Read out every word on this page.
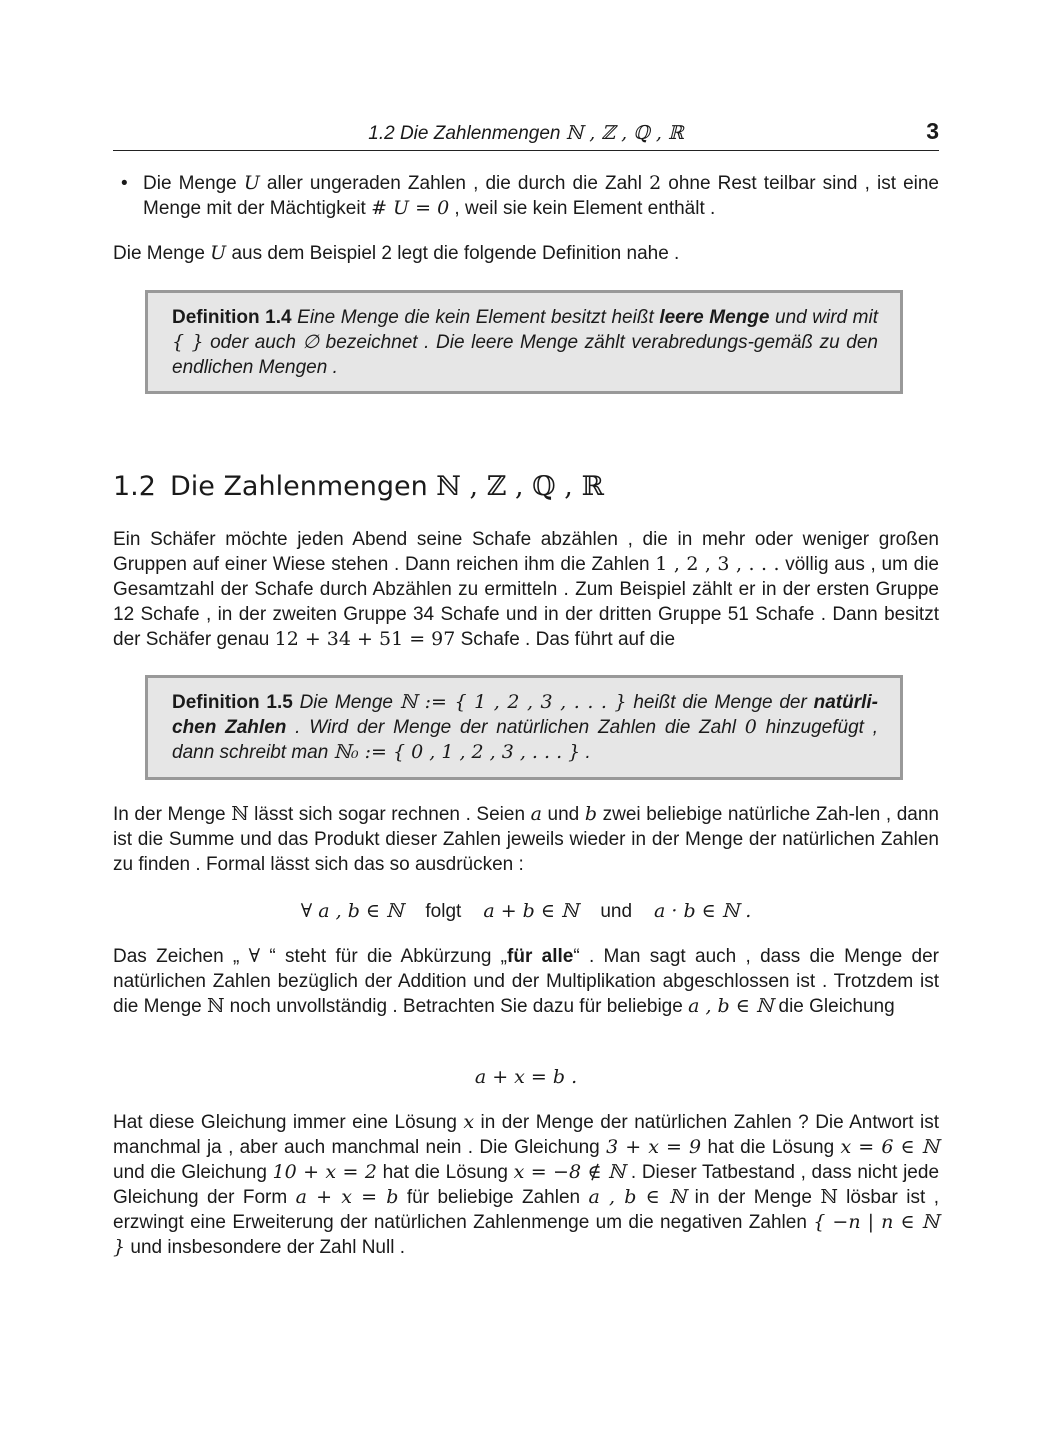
1.2 Die Zahlenmengen ℕ , ℤ , ℚ , ℝ	3
• Die Menge U aller ungeraden Zahlen , die durch die Zahl 2 ohne Rest teilbar sind , ist eine Menge mit der Mächtigkeit # U = 0 , weil sie kein Element enthält .

Die Menge U aus dem Beispiel 2 legt die folgende Definition nahe .

Definition 1.4 Eine Menge die kein Element besitzt heißt leere Menge und wird mit { } oder auch ∅ bezeichnet . Die leere Menge zählt verabredungs-gemäß zu den endlichen Mengen .

1.2 Die Zahlenmengen ℕ , ℤ , ℚ , ℝ

Ein Schäfer möchte jeden Abend seine Schafe abzählen , die in mehr oder weniger großen Gruppen auf einer Wiese stehen . Dann reichen ihm die Zahlen 1 , 2 , 3 , . . . völlig aus , um die Gesamtzahl der Schafe durch Abzählen zu ermitteln . Zum Beispiel zählt er in der ersten Gruppe 12 Schafe , in der zweiten Gruppe 34 Schafe und in der dritten Gruppe 51 Schafe . Dann besitzt der Schäfer genau 12 + 34 + 51 = 97 Schafe . Das führt auf die

Definition 1.5 Die Menge ℕ := { 1 , 2 , 3 , . . . } heißt die Menge der natürli-chen Zahlen . Wird der Menge der natürlichen Zahlen die Zahl 0 hinzugefügt , dann schreibt man ℕ₀ := { 0 , 1 , 2 , 3 , . . . } .

In der Menge ℕ lässt sich sogar rechnen . Seien a und b zwei beliebige natürliche Zah-len , dann ist die Summe und das Produkt dieser Zahlen jeweils wieder in der Menge der natürlichen Zahlen zu finden . Formal lässt sich das so ausdrücken :

∀ a , b ∈ ℕ folgt a + b ∈ ℕ und a · b ∈ ℕ .

Das Zeichen „ ∀ “ steht für die Abkürzung „für alle“ . Man sagt auch , dass die Menge der natürlichen Zahlen bezüglich der Addition und der Multiplikation abgeschlossen ist . Trotzdem ist die Menge ℕ noch unvollständig . Betrachten Sie dazu für beliebige a , b ∈ ℕ die Gleichung

a + x = b .

Hat diese Gleichung immer eine Lösung x in der Menge der natürlichen Zahlen ? Die Antwort ist manchmal ja , aber auch manchmal nein . Die Gleichung 3 + x = 9 hat die Lösung x = 6 ∈ ℕ und die Gleichung 10 + x = 2 hat die Lösung x = −8 ∉ ℕ . Dieser Tatbestand , dass nicht jede Gleichung der Form a + x = b für beliebige Zahlen a , b ∈ ℕ in der Menge ℕ lösbar ist , erzwingt eine Erweiterung der natürlichen Zahlenmenge um die negativen Zahlen { −n | n ∈ ℕ } und insbesondere der Zahl Null .
